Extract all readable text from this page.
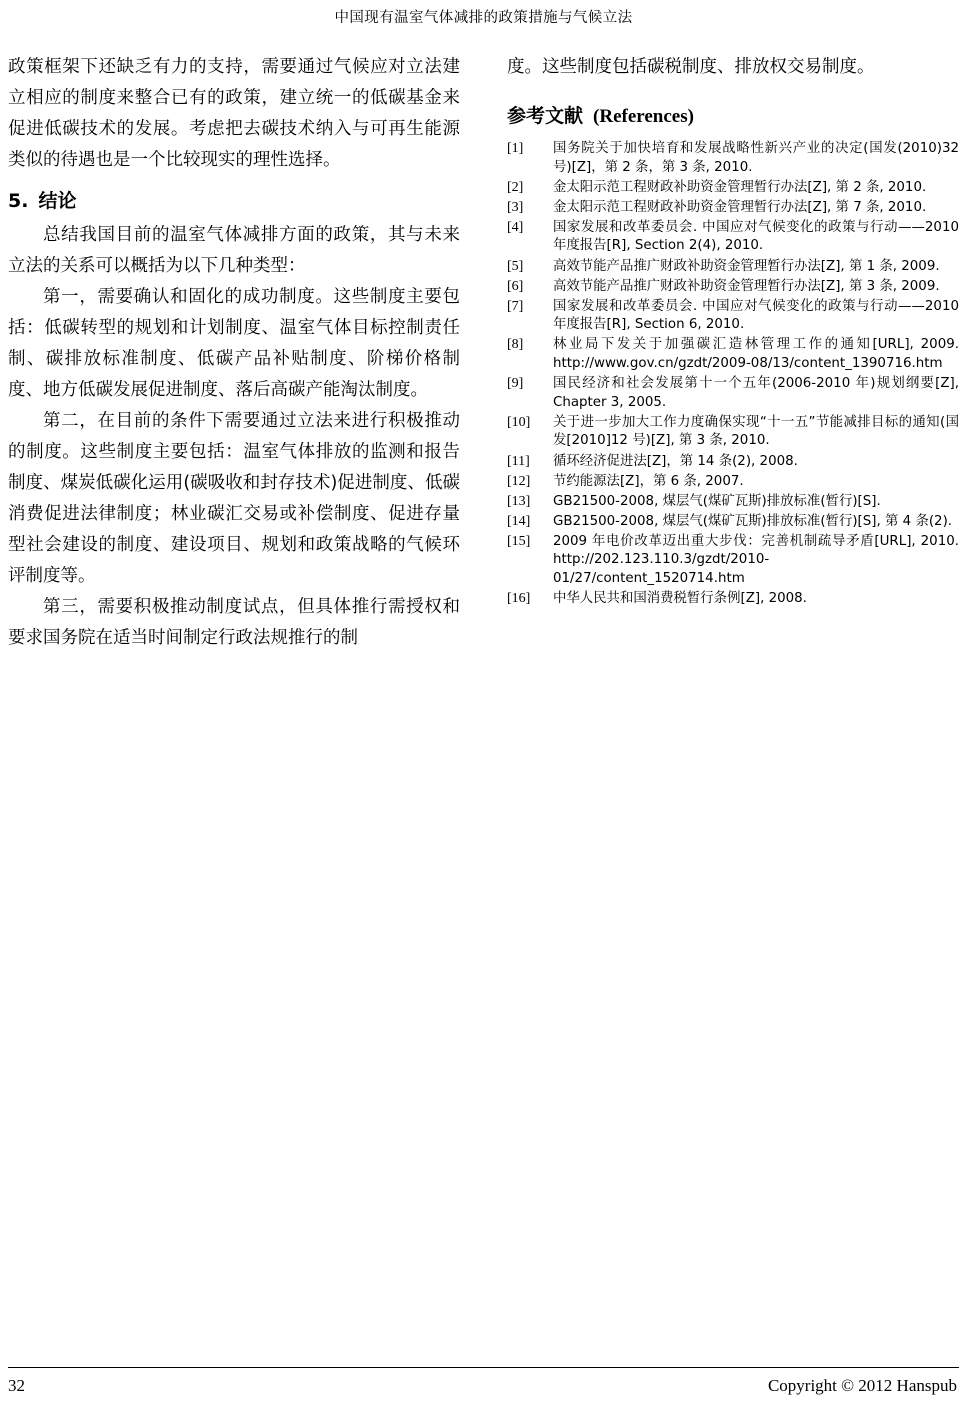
中国现有温室气体减排的政策措施与气候立法

政策框架下还缺乏有力的支持，需要通过气候应对立法建立相应的制度来整合已有的政策，建立统一的低碳基金来促进低碳技术的发展。考虑把去碳技术纳入与可再生能源类似的待遇也是一个比较现实的理性选择。

5. 结论

总结我国目前的温室气体减排方面的政策，其与未来立法的关系可以概括为以下几种类型：

第一，需要确认和固化的成功制度。这些制度主要包括：低碳转型的规划和计划制度、温室气体目标控制责任制、碳排放标准制度、低碳产品补贴制度、阶梯价格制度、地方低碳发展促进制度、落后高碳产能淘汰制度。

第二，在目前的条件下需要通过立法来进行积极推动的制度。这些制度主要包括：温室气体排放的监测和报告制度、煤炭低碳化运用(碳吸收和封存技术)促进制度、低碳消费促进法律制度；林业碳汇交易或补偿制度、促进存量型社会建设的制度、建设项目、规划和政策战略的气候环评制度等。

第三，需要积极推动制度试点，但具体推行需授权和要求国务院在适当时间制定行政法规推行的制

度。这些制度包括碳税制度、排放权交易制度。

参考文献 (References)
[1]	国务院关于加快培育和发展战略性新兴产业的决定(国发(2010)32 号)[Z]，第 2 条，第 3 条, 2010.
[2]	金太阳示范工程财政补助资金管理暂行办法[Z], 第 2 条, 2010.
[3]	金太阳示范工程财政补助资金管理暂行办法[Z], 第 7 条, 2010.
[4]	国家发展和改革委员会. 中国应对气候变化的政策与行动——2010 年度报告[R], Section 2(4), 2010.
[5]	高效节能产品推广财政补助资金管理暂行办法[Z], 第 1 条, 2009.
[6]	高效节能产品推广财政补助资金管理暂行办法[Z], 第 3 条, 2009.
[7]	国家发展和改革委员会. 中国应对气候变化的政策与行动——2010 年度报告[R], Section 6, 2010.
[8]	林业局下发关于加强碳汇造林管理工作的通知[URL], 2009. http://www.gov.cn/gzdt/2009-08/13/content_1390716.htm
[9]	国民经济和社会发展第十一个五年(2006-2010 年)规划纲要[Z], Chapter 3, 2005.
[10]	关于进一步加大工作力度确保实现“十一五”节能减排目标的通知(国发[2010]12 号)[Z], 第 3 条, 2010.
[11]	循环经济促进法[Z]，第 14 条(2), 2008.
[12]	节约能源法[Z]，第 6 条, 2007.
[13]	GB21500-2008, 煤层气(煤矿瓦斯)排放标准(暂行)[S].
[14]	GB21500-2008, 煤层气(煤矿瓦斯)排放标准(暂行)[S], 第 4 条(2).
[15]	2009 年电价改革迈出重大步伐：完善机制疏导矛盾[URL], 2010. http://202.123.110.3/gzdt/2010-01/27/content_1520714.htm
[16]	中华人民共和国消费税暂行条例[Z], 2008.
32	Copyright © 2012 Hanspub
